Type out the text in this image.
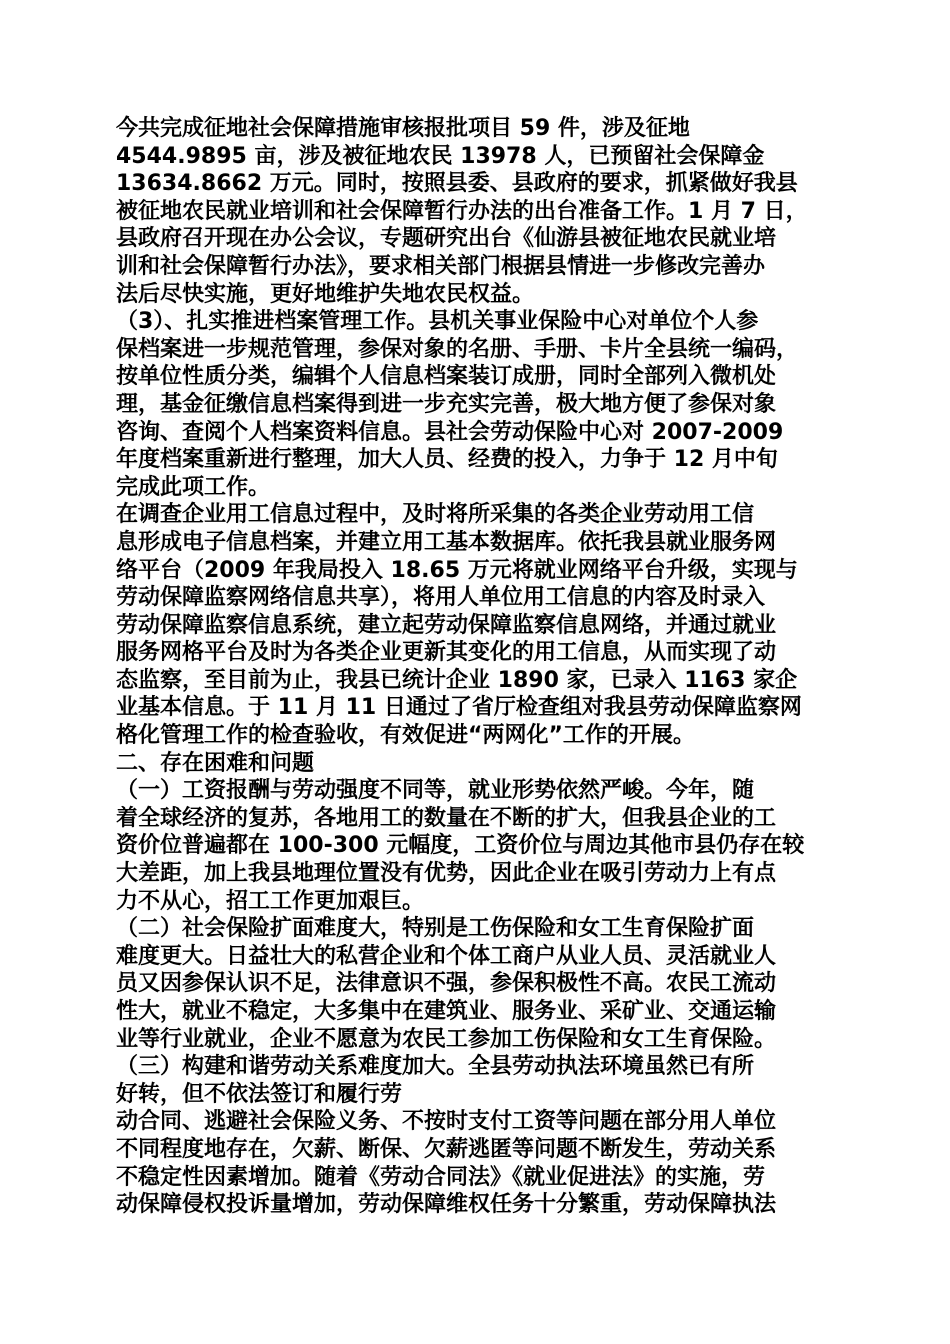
今共完成征地社会保障措施审核报批项目 59 件，涉及征地
4544.9895 亩，涉及被征地农民 13978 人，已预留社会保障金
13634.8662 万元。同时，按照县委、县政府的要求，抓紧做好我县
被征地农民就业培训和社会保障暂行办法的出台准备工作。1 月 7 日，
县政府召开现在办公会议，专题研究出台《仙游县被征地农民就业培
训和社会保障暂行办法》，要求相关部门根据县情进一步修改完善办
法后尽快实施，更好地维护失地农民权益。
（3）、扎实推进档案管理工作。县机关事业保险中心对单位个人参
保档案进一步规范管理，参保对象的名册、手册、卡片全县统一编码，
按单位性质分类，编辑个人信息档案装订成册，同时全部列入微机处
理，基金征缴信息档案得到进一步充实完善，极大地方便了参保对象
咨询、查阅个人档案资料信息。县社会劳动保险中心对 2007-2009
年度档案重新进行整理，加大人员、经费的投入，力争于 12 月中旬
完成此项工作。
在调查企业用工信息过程中，及时将所采集的各类企业劳动用工信
息形成电子信息档案，并建立用工基本数据库。依托我县就业服务网
络平台（2009 年我局投入 18.65 万元将就业网络平台升级，实现与
劳动保障监察网络信息共享），将用人单位用工信息的内容及时录入
劳动保障监察信息系统，建立起劳动保障监察信息网络，并通过就业
服务网格平台及时为各类企业更新其变化的用工信息，从而实现了动
态监察，至目前为止，我县已统计企业 1890 家，已录入 1163 家企
业基本信息。于 11 月 11 日通过了省厅检查组对我县劳动保障监察网
格化管理工作的检查验收，有效促进“两网化”工作的开展。
二、存在困难和问题
（一）工资报酬与劳动强度不同等，就业形势依然严峻。今年，随
着全球经济的复苏，各地用工的数量在不断的扩大，但我县企业的工
资价位普遍都在 100-300 元幅度，工资价位与周边其他市县仍存在较
大差距，加上我县地理位置没有优势，因此企业在吸引劳动力上有点
力不从心，招工工作更加艰巨。
（二）社会保险扩面难度大，特别是工伤保险和女工生育保险扩面
难度更大。日益壮大的私营企业和个体工商户从业人员、灵活就业人
员又因参保认识不足，法律意识不强，参保积极性不高。农民工流动
性大，就业不稳定，大多集中在建筑业、服务业、采矿业、交通运输
业等行业就业，企业不愿意为农民工参加工伤保险和女工生育保险。
（三）构建和谐劳动关系难度加大。全县劳动执法环境虽然已有所
好转，但不依法签订和履行劳
动合同、逃避社会保险义务、不按时支付工资等问题在部分用人单位
不同程度地存在，欠薪、断保、欠薪逃匿等问题不断发生，劳动关系
不稳定性因素增加。随着《劳动合同法》《就业促进法》的实施，劳
动保障侵权投诉量增加，劳动保障维权任务十分繁重，劳动保障执法
